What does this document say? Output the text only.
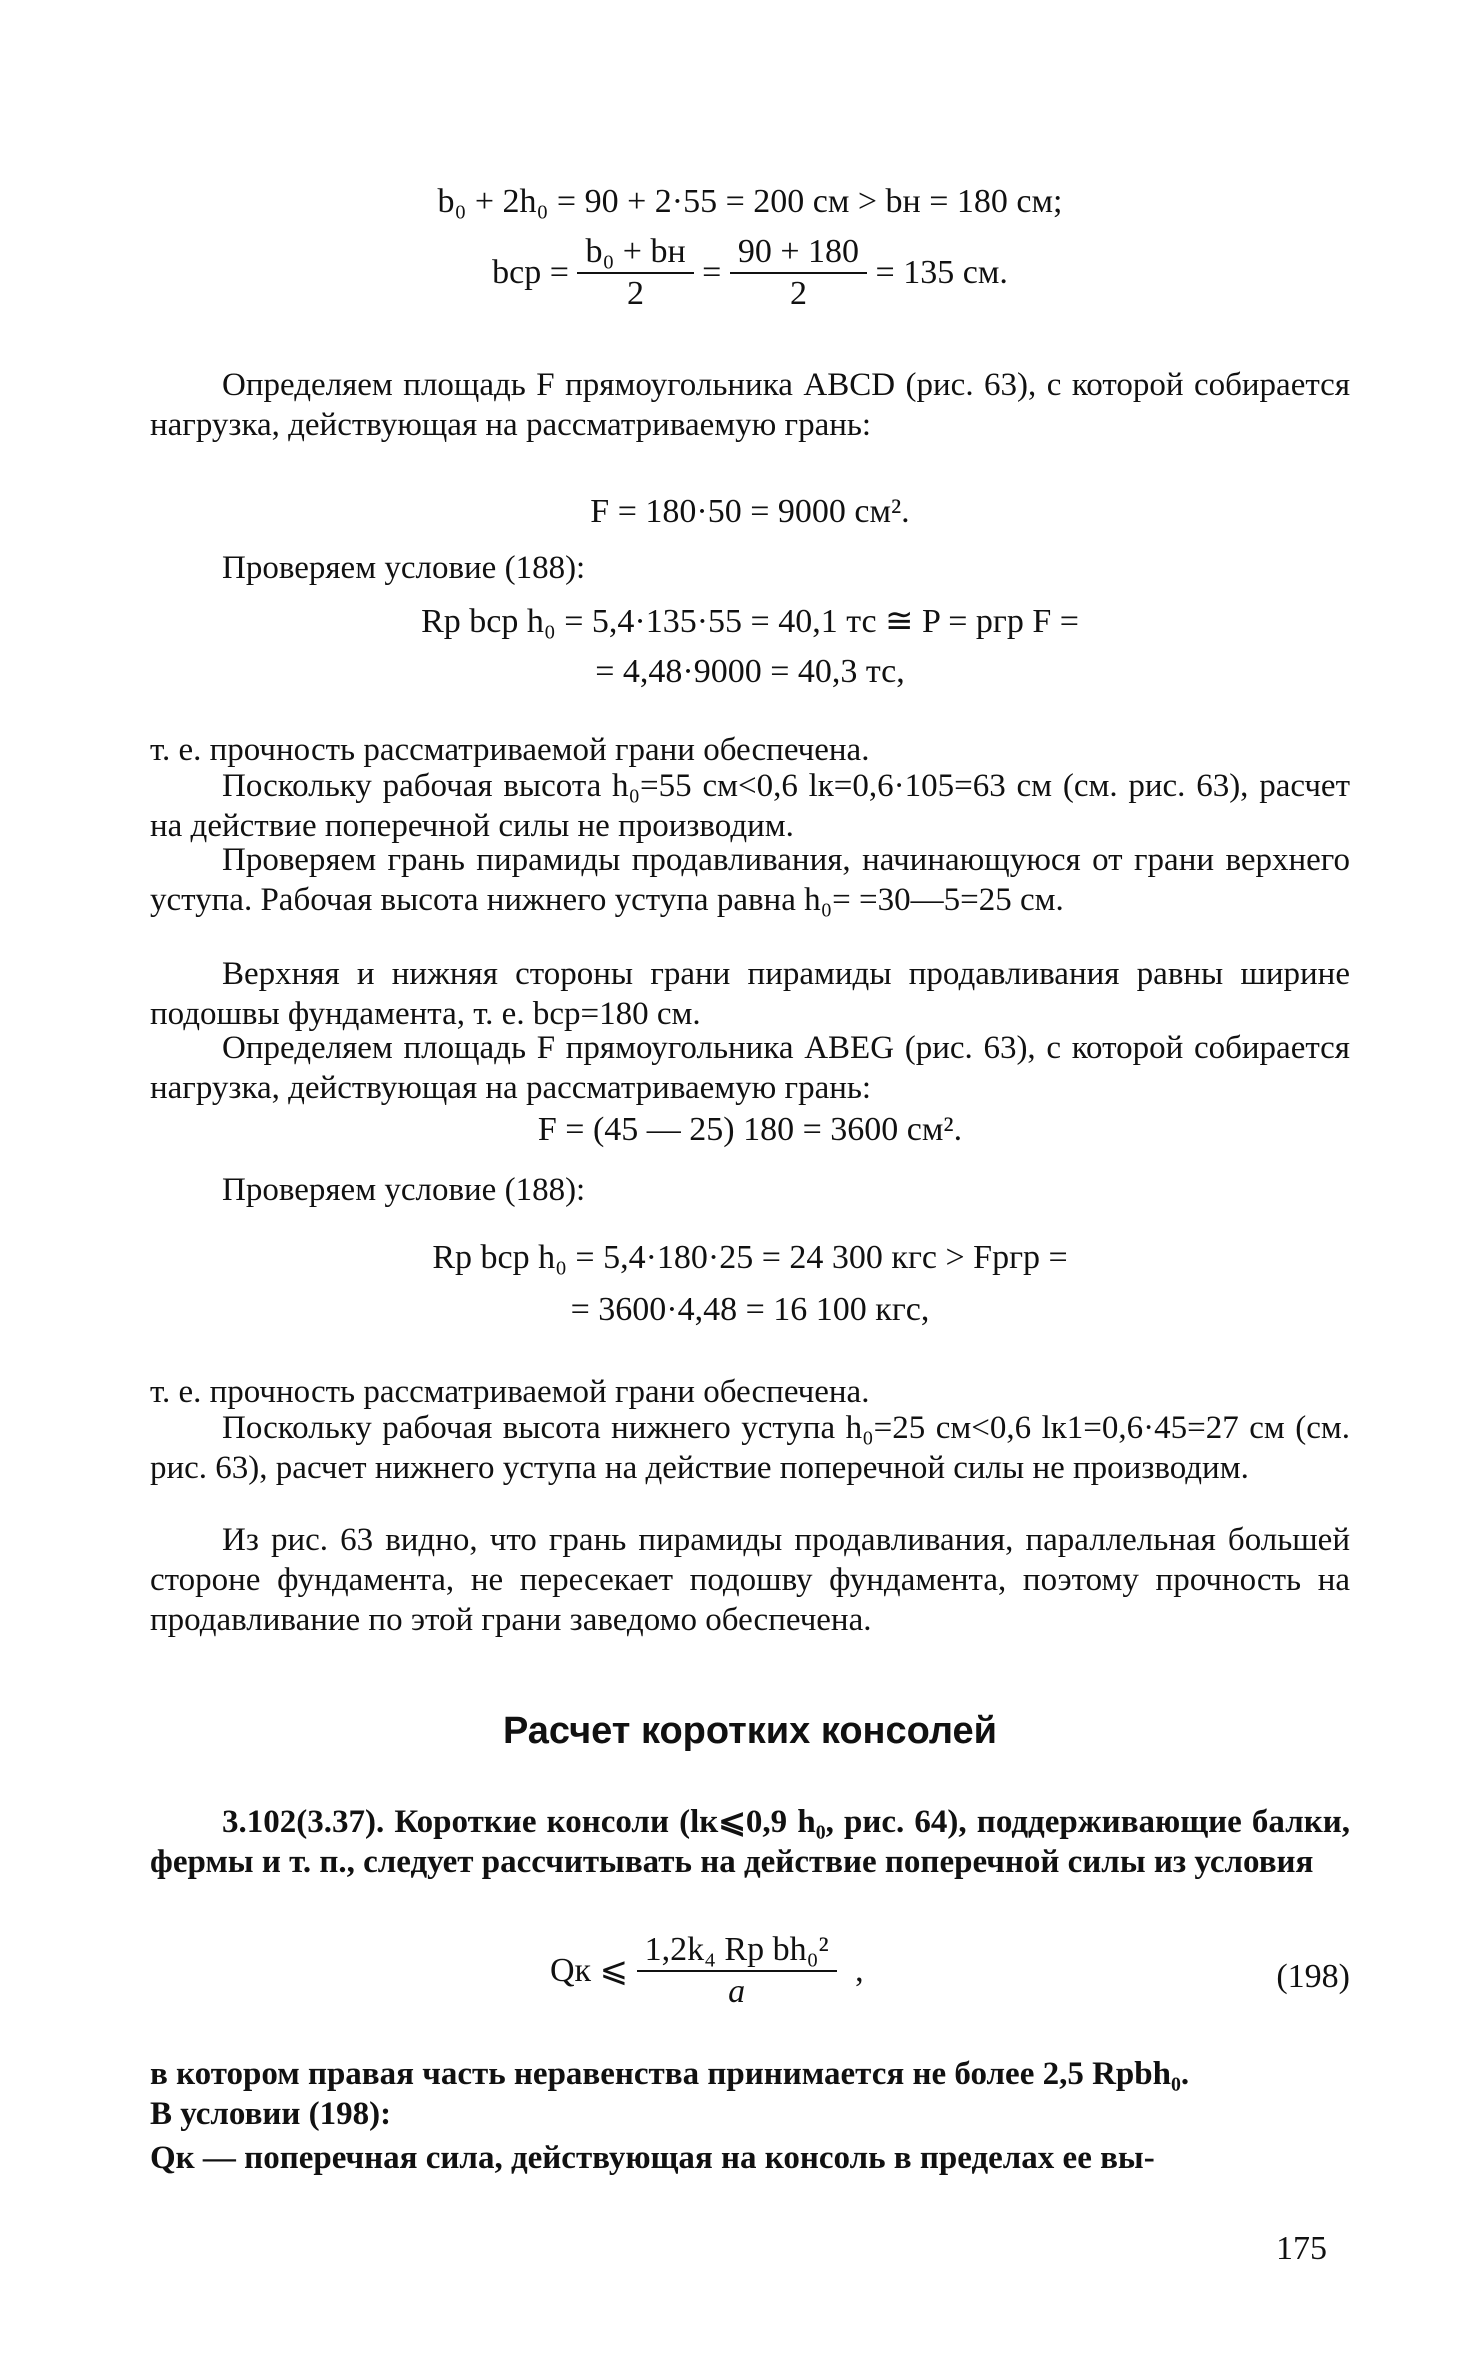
b₀ + 2h₀ = 90 + 2·55 = 200 см > bн = 180 см;

bср = $\frac{\text{b₀ + bн}}{2} = \frac{90 + 180}{2} = 135$ см.

Определяем площадь F прямоугольника ABCD (рис. 63), с которой собирается нагрузка, действующая на рассматриваемую грань:

F = 180·50 = 9000 см².

Проверяем условие (188):

Rр bср h₀ = 5,4·135·55 = 40,1 тс ≅ P = pгр F =

= 4,48·9000 = 40,3 тс,

т. е. прочность рассматриваемой грани обеспечена.

Поскольку рабочая высота h₀=55 см<0,6 lк=0,6·105=63 см (см. рис. 63), расчет на действие поперечной силы не производим.

Проверяем грань пирамиды продавливания, начинающуюся от грани верхнего уступа. Рабочая высота нижнего уступа равна h₀= =30—5=25 см.

Верхняя и нижняя стороны грани пирамиды продавливания равны ширине подошвы фундамента, т. е. bср=180 см.

Определяем площадь F прямоугольника ABEG (рис. 63), с которой собирается нагрузка, действующая на рассматриваемую грань:

F = (45 — 25) 180 = 3600 см².

Проверяем условие (188):

Rр bср h₀ = 5,4·180·25 = 24 300 кгс > Fpгр =

= 3600·4,48 = 16 100 кгс,

т. е. прочность рассматриваемой грани обеспечена.

Поскольку рабочая высота нижнего уступа h₀=25 см<0,6 lк1=0,6·45=27 см (см. рис. 63), расчет нижнего уступа на действие поперечной силы не производим.

Из рис. 63 видно, что грань пирамиды продавливания, параллельная большей стороне фундамента, не пересекает подошву фундамента, поэтому прочность на продавливание по этой грани заведомо обеспечена.

Расчет коротких консолей

3.102(3.37). Короткие консоли (lк⩽0,9 h₀, рис. 64), поддерживающие балки, фермы и т. п., следует рассчитывать на действие поперечной силы из условия

Qк ⩽ $\frac{\text{1,2k₄ Rр bh₀²}}{a}$ ,	(198)

в котором правая часть неравенства принимается не более 2,5 Rрbh₀.

В условии (198):

Qк — поперечная сила, действующая на консоль в пределах ее вы-

175
